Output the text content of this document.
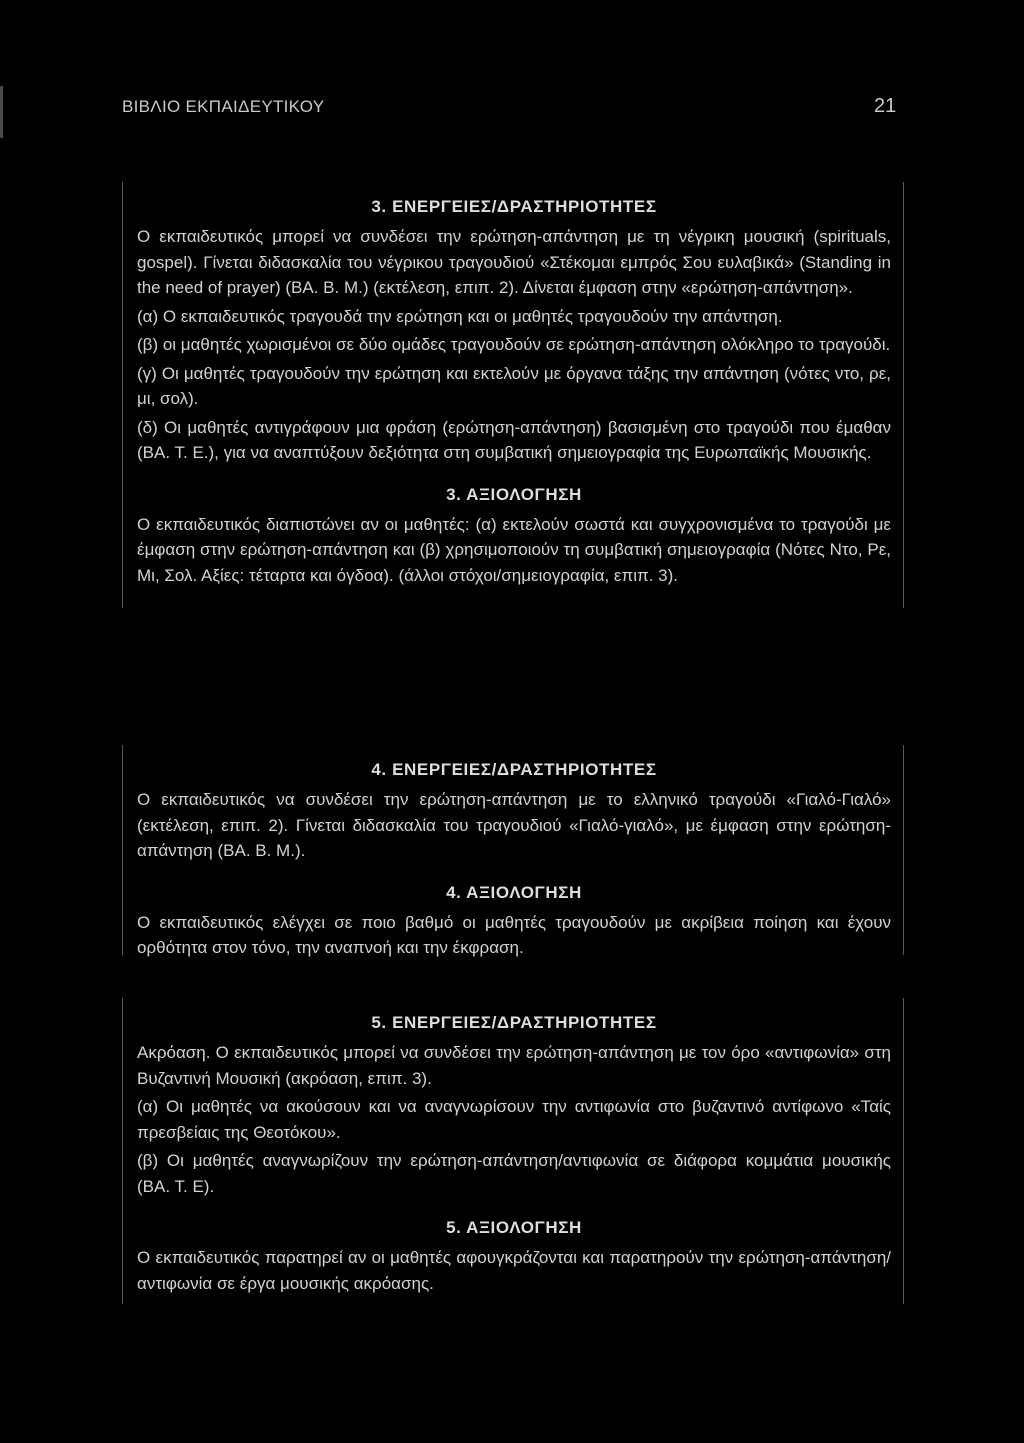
ΒΙΒΛΙΟ ΕΚΠΑΙΔΕΥΤΙΚΟΥ	21
3. ΕΝΕΡΓΕΙΕΣ/ΔΡΑΣΤΗΡΙΟΤΗΤΕΣ

Ο εκπαιδευτικός μπορεί να συνδέσει την ερώτηση-απάντηση με τη νέγρικη μουσική (spirituals, gospel). Γίνεται διδασκαλία του νέγρικου τραγουδιού «Στέκομαι εμπρός Σου ευλαβικά» (Standing in the need of prayer) (ΒΑ. Β. Μ.) (εκτέλεση, επιπ. 2). Δίνεται έμφαση στην «ερώτηση-απάντηση».

(α) Ο εκπαιδευτικός τραγουδά την ερώτηση και οι μαθητές τραγουδούν την απάντηση.

(β) οι μαθητές χωρισμένοι σε δύο ομάδες τραγουδούν σε ερώτηση-απάντηση ολόκληρο το τραγούδι.

(γ) Οι μαθητές τραγουδούν την ερώτηση και εκτελούν με όργανα τάξης την απάντηση (νότες ντο, ρε, μι, σολ).

(δ) Οι μαθητές αντιγράφουν μια φράση (ερώτηση-απάντηση) βασισμένη στο τραγούδι που έμαθαν (ΒΑ. Τ. Ε.), για να αναπτύξουν δεξιότητα στη συμβατική σημειογραφία της Ευρωπαϊκής Μουσικής.

3. ΑΞΙΟΛΟΓΗΣΗ

Ο εκπαιδευτικός διαπιστώνει αν οι μαθητές: (α) εκτελούν σωστά και συγχρονισμένα το τραγούδι με έμφαση στην ερώτηση-απάντηση και (β) χρησιμοποιούν τη συμβατική σημειογραφία (Νότες Ντο, Ρε, Μι, Σολ. Αξίες: τέταρτα και όγδοα). (άλλοι στόχοι/σημειογραφία, επιπ. 3).

4. ΕΝΕΡΓΕΙΕΣ/ΔΡΑΣΤΗΡΙΟΤΗΤΕΣ

Ο εκπαιδευτικός να συνδέσει την ερώτηση-απάντηση με το ελληνικό τραγούδι «Γιαλό-Γιαλό» (εκτέλεση, επιπ. 2). Γίνεται διδασκαλία του τραγουδιού «Γιαλό-γιαλό», με έμφαση στην ερώτηση-απάντηση (ΒΑ. Β. Μ.).

4. ΑΞΙΟΛΟΓΗΣΗ

Ο εκπαιδευτικός ελέγχει σε ποιο βαθμό οι μαθητές τραγουδούν με ακρίβεια ποίηση και έχουν ορθότητα στον τόνο, την αναπνοή και την έκφραση.

5. ΕΝΕΡΓΕΙΕΣ/ΔΡΑΣΤΗΡΙΟΤΗΤΕΣ

Ακρόαση. Ο εκπαιδευτικός μπορεί να συνδέσει την ερώτηση-απάντηση με τον όρο «αντιφωνία» στη Βυζαντινή Μουσική (ακρόαση, επιπ. 3).

(α) Οι μαθητές να ακούσουν και να αναγνωρίσουν την αντιφωνία στο βυζαντινό αντίφωνο «Ταίς πρεσβείαις της Θεοτόκου».

(β) Οι μαθητές αναγνωρίζουν την ερώτηση-απάντηση/αντιφωνία σε διάφορα κομμάτια μουσικής (ΒΑ. Τ. Ε).

5. ΑΞΙΟΛΟΓΗΣΗ

Ο εκπαιδευτικός παρατηρεί αν οι μαθητές αφουγκράζονται και παρατηρούν την ερώτηση-απάντηση/αντιφωνία σε έργα μουσικής ακρόασης.
